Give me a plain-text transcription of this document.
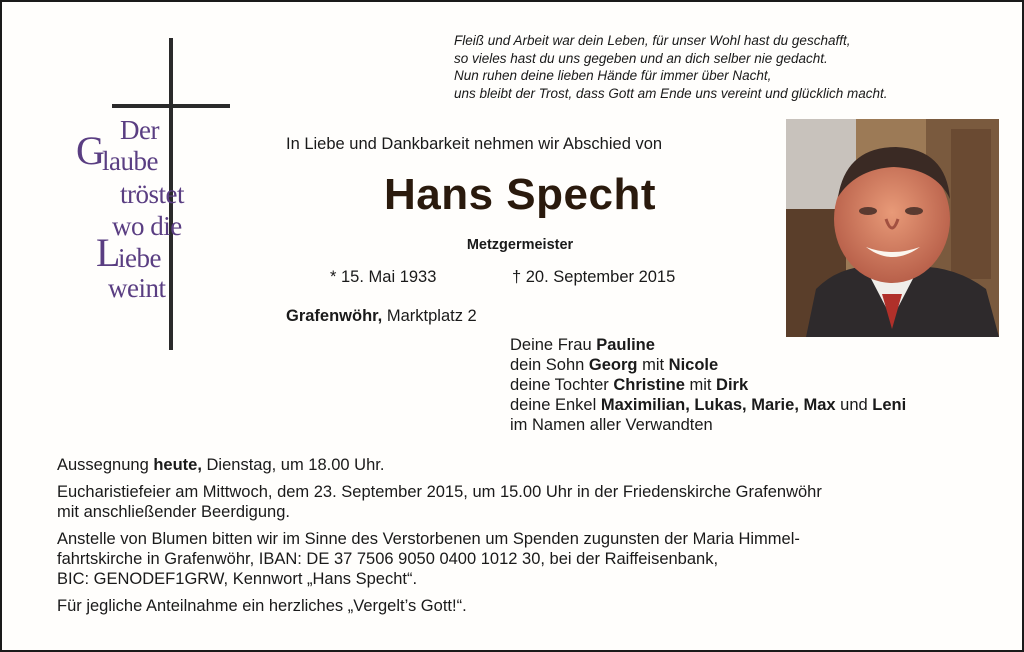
Fleiß und Arbeit war dein Leben, für unser Wohl hast du geschafft,
so vieles hast du uns gegeben und an dich selber nie gedacht.
Nun ruhen deine lieben Hände für immer über Nacht,
uns bleibt der Trost, dass Gott am Ende uns vereint und glücklich macht.
Der
G
laube
tröstet
wo die
L
iebe
weint
In Liebe und Dankbarkeit nehmen wir Abschied von
Hans Specht
Metzgermeister
* 15. Mai 1933	† 20. September 2015
Grafenwöhr, Marktplatz 2
Deine Frau Pauline
dein Sohn Georg mit Nicole
deine Tochter Christine mit Dirk
deine Enkel Maximilian, Lukas, Marie, Max und Leni
im Namen aller Verwandten

Aussegnung heute, Dienstag, um 18.00 Uhr.

Eucharistiefeier am Mittwoch, dem 23. September 2015, um 15.00 Uhr in der Friedenskirche Grafenwöhr
mit anschließender Beerdigung.

Anstelle von Blumen bitten wir im Sinne des Verstorbenen um Spenden zugunsten der Maria Himmel-
fahrtskirche in Grafenwöhr, IBAN: DE 37 7506 9050 0400 1012 30, bei der Raiffeisenbank,
BIC: GENODEF1GRW, Kennwort „Hans Specht“.

Für jegliche Anteilnahme ein herzliches „Vergelt’s Gott!“.
